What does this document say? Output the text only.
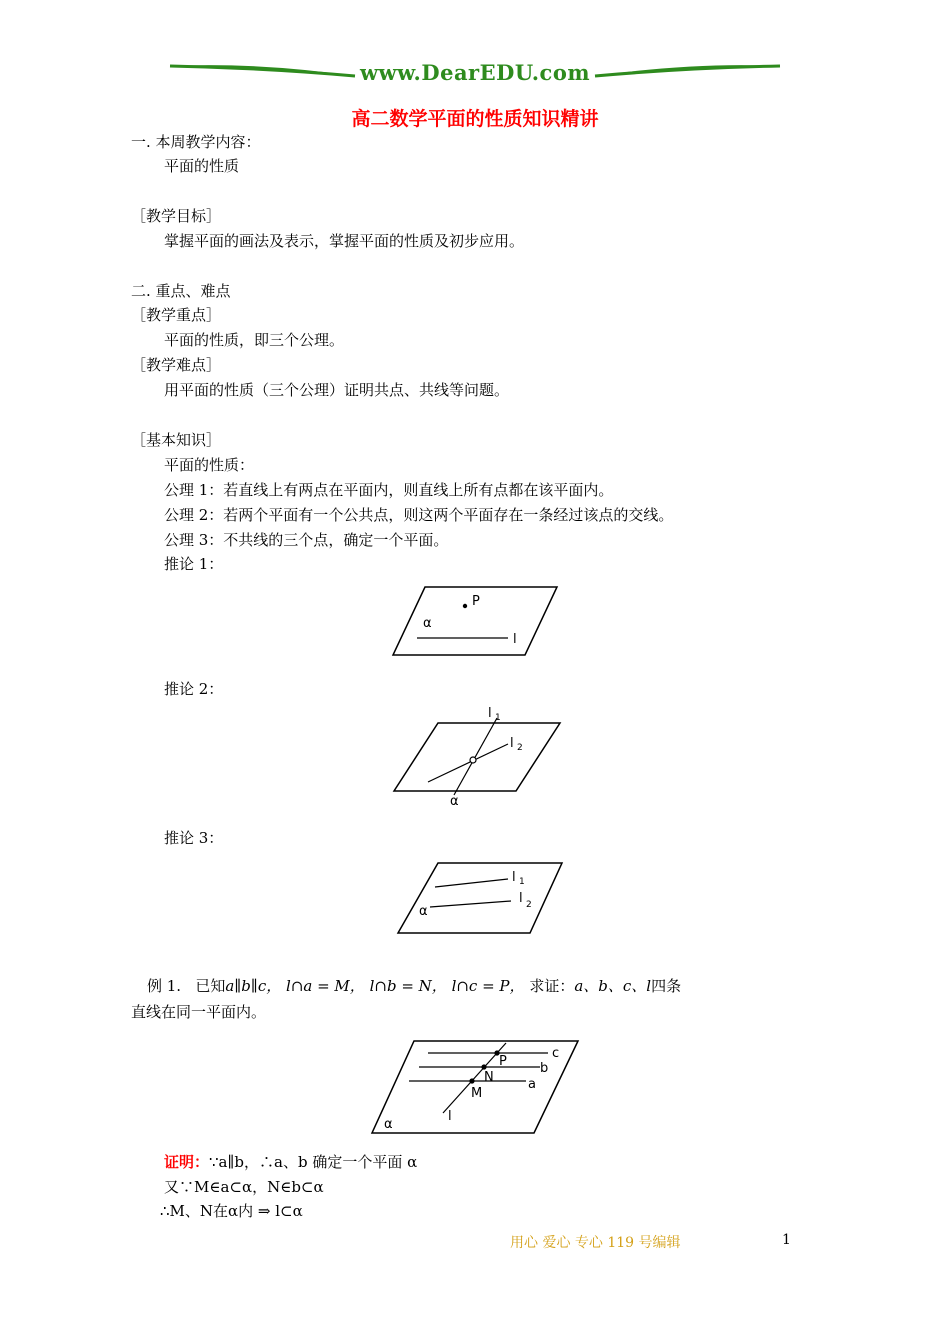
www.DearEDU.com
高二数学平面的性质知识精讲
一. 本周教学内容：
平面的性质
［教学目标］
掌握平面的画法及表示，掌握平面的性质及初步应用。
二. 重点、难点
［教学重点］
平面的性质，即三个公理。
［教学难点］
用平面的性质（三个公理）证明共点、共线等问题。
［基本知识］
平面的性质：
公理 1：若直线上有两点在平面内，则直线上所有点都在该平面内。
公理 2：若两个平面有一个公共点，则这两个平面存在一条经过该点的交线。
公理 3：不共线的三个点，确定一个平面。
推论 1：
P
α
l
推论 2：
l 1
l 2
α
推论 3：
l 1
l 2
α
例 1. 已知a∥b∥c， l∩a = M， l∩b = N， l∩c = P， 求证：a、b、c、l四条
直线在同一平面内。
c
b
a
P
N
M
l
α
证明：∵a∥b，∴a、b 确定一个平面 α
又∵M∈a⊂α，N∈b⊂α
∴M、N在α内 ⇒ l⊂α
用心 爱心 专心 119 号编辑	1
